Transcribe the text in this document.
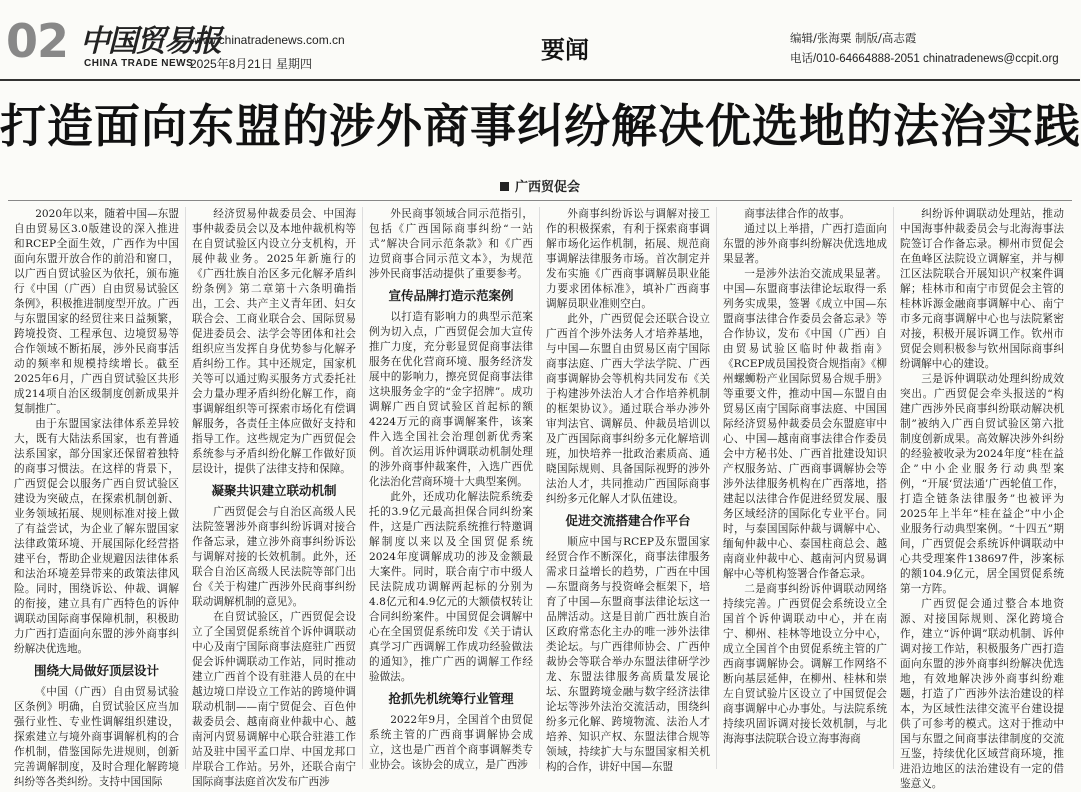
02 中国贸易报
CHINA TRADE NEWS
www.chinatradenews.com.cn
2025年8月21日 星期四	要闻	编辑/张海粟 制版/高志霞
电话/010-64664888-2051 chinatradenews@ccpit.org
打造面向东盟的涉外商事纠纷解决优选地的法治实践
广西贸促会

2020年以来，随着中国—东盟自由贸易区3.0版建设的深入推进和RCEP全面生效，广西作为中国面向东盟开放合作的前沿和窗口，以广西自贸试验区为依托，颁布施行《中国（广西）自由贸易试验区条例》，积极推进制度型开放。广西与东盟国家的经贸往来日益频繁，跨境投资、工程承包、边境贸易等合作领域不断拓展，涉外民商事活动的频率和规模持续增长。截至2025年6月，广西自贸试验区共形成214项自治区级制度创新成果并复制推广。

由于东盟国家法律体系差异较大，既有大陆法系国家，也有普通法系国家，部分国家还保留着独特的商事习惯法。在这样的背景下，广西贸促会以服务广西自贸试验区建设为突破点，在探索机制创新、业务领域拓展、规则标准对接上做了有益尝试，为企业了解东盟国家法律政策环境、开展国际化经营搭建平台，帮助企业规避因法律体系和法治环境差异带来的政策法律风险。同时，围绕诉讼、仲裁、调解的衔接，建立具有广西特色的诉仲调联动国际商事保障机制，积极助力广西打造面向东盟的涉外商事纠纷解决优选地。

围绕大局做好顶层设计

《中国（广西）自由贸易试验区条例》明确，自贸试验区应当加强行业性、专业性调解组织建设，探索建立与境外商事调解机构的合作机制，借鉴国际先进规则，创新完善调解制度，及时合理化解跨境纠纷等各类纠纷。支持中国国际

经济贸易仲裁委员会、中国海事仲裁委员会以及本地仲裁机构等在自贸试验区内设立分支机构，开展仲裁业务。2025年新施行的《广西壮族自治区多元化解矛盾纠纷条例》第二章第十六条明确指出，工会、共产主义青年团、妇女联合会、工商业联合会、国际贸易促进委员会、法学会等团体和社会组织应当发挥自身优势参与化解矛盾纠纷工作。其中还规定，国家机关等可以通过购买服务方式委托社会力量办理矛盾纠纷化解工作，商事调解组织等可探索市场化有偿调解服务，各责任主体应做好支持和指导工作。这些规定为广西贸促会系统参与矛盾纠纷化解工作做好顶层设计，提供了法律支持和保障。

凝聚共识建立联动机制

广西贸促会与自治区高级人民法院签署涉外商事纠纷诉调对接合作备忘录，建立涉外商事纠纷诉讼与调解对接的长效机制。此外，还联合自治区高级人民法院等部门出台《关于构建广西涉外民商事纠纷联动调解机制的意见》。

在自贸试验区，广西贸促会设立了全国贸促系统首个诉仲调联动中心及南宁国际商事法庭驻广西贸促会诉仲调联动工作站，同时推动建立广西首个设有驻港人员的在中越边境口岸设立工作站的跨境仲调联动机制——南宁贸促会、百色仲裁委员会、越南商业仲裁中心、越南河内贸易调解中心联合驻港工作站及驻中国平孟口岸、中国龙邦口岸联合工作站。另外，还联合南宁国际商事法庭首次发布广西涉

外民商事领域合同示范指引，包括《广西国际商事纠纷“一站式”解决合同示范条款》和《广西边贸商事合同示范文本》，为规范涉外民商事活动提供了重要参考。

宣传品牌打造示范案例

以打造有影响力的典型示范案例为切入点，广西贸促会加大宣传推广力度，充分彰显贸促商事法律服务在优化营商环境、服务经济发展中的影响力，擦亮贸促商事法律这块服务金字的“金字招牌”。成功调解广西自贸试验区首起标的额4224万元的商事调解案件，该案件入选全国社会治理创新优秀案例。首次运用诉仲调联动机制处理的涉外商事仲裁案件，入选广西优化法治化营商环境十大典型案例。

此外，还成功化解法院系统委托的3.9亿元最高担保合同纠纷案件，这是广西法院系统推行特邀调解制度以来以及全国贸促系统2024年度调解成功的涉及金额最大案件。同时，联合南宁市中级人民法院成功调解两起标的分别为4.8亿元和4.9亿元的大额债权转让合同纠纷案件。中国贸促会调解中心在全国贸促系统印发《关于请认真学习广西调解工作成功经验做法的通知》，推广广西的调解工作经验做法。

抢抓先机统筹行业管理

2022年9月，全国首个由贸促系统主管的广西商事调解协会成立，这也是广西首个商事调解类专业协会。该协会的成立，是广西涉

外商事纠纷诉讼与调解对接工作的积极探索，有利于探索商事调解市场化运作机制，拓展、规范商事调解法律服务市场。首次制定并发布实施《广西商事调解员职业能力要求团体标准》，填补广西商事调解员职业准则空白。

此外，广西贸促会还联合设立广西首个涉外法务人才培养基地，与中国—东盟自由贸易区南宁国际商事法庭、广西大学法学院、广西商事调解协会等机构共同发布《关于构建涉外法治人才合作培养机制的框架协议》。通过联合举办涉外审判法官、调解员、仲裁员培训以及广西国际商事纠纷多元化解培训班，加快培养一批政治素质高、通晓国际规则、具备国际视野的涉外法治人才，共同推动广西国际商事纠纷多元化解人才队伍建设。

促进交流搭建合作平台

顺应中国与RCEP及东盟国家经贸合作不断深化，商事法律服务需求日益增长的趋势，广西在中国—东盟商务与投资峰会框架下，培育了中国—东盟商事法律论坛这一品牌活动。这是目前广西壮族自治区政府常态化主办的唯一涉外法律类论坛。与广西律师协会、广西仲裁协会等联合举办东盟法律研学沙龙、东盟法律服务高质量发展论坛、东盟跨境金融与数字经济法律论坛等涉外法治交流活动，围绕纠纷多元化解、跨境物流、法治人才培养、知识产权、东盟法律合规等领域，持续扩大与东盟国家相关机构的合作，讲好中国—东盟

商事法律合作的故事。

通过以上举措，广西打造面向东盟的涉外商事纠纷解决优选地成果显著。

一是涉外法治交流成果显著。中国—东盟商事法律论坛取得一系列务实成果，签署《成立中国—东盟商事法律合作委员会备忘录》等合作协议，发布《中国（广西）自由贸易试验区临时仲裁指南》《RCEP成员国投资合规指南》《柳州螺蛳粉产业国际贸易合规手册》等重要文件，推动中国—东盟自由贸易区南宁国际商事法庭、中国国际经济贸易仲裁委员会东盟庭审中心、中国—越南商事法律合作委员会中方秘书处、广西首批建设知识产权服务站、广西商事调解协会等涉外法律服务机构在广西落地，搭建起以法律合作促进经贸发展、服务区域经济的国际化专业平台。同时，与泰国国际仲裁与调解中心、缅甸仲裁中心、泰国柱商总会、越南商业仲裁中心、越南河内贸易调解中心等机构签署合作备忘录。

二是商事纠纷诉仲调联动网络持续完善。广西贸促会系统设立全国首个诉仲调联动中心，并在南宁、柳州、桂林等地设立分中心，成立全国首个由贸促系统主管的广西商事调解协会。调解工作网络不断向基层延伸，在柳州、桂林和崇左自贸试验片区设立了中国贸促会商事调解中心办事处。与法院系统持续巩固诉调对接长效机制，与北海海事法院联合设立海事海商

纠纷诉仲调联动处理站，推动中国海事仲裁委员会与北海海事法院签订合作备忘录。柳州市贸促会在鱼峰区法院设立调解室，并与柳江区法院联合开展知识产权案件调解；桂林市和南宁市贸促会主管的桂林诉源金融商事调解中心、南宁市多元商事调解中心也与法院紧密对接，积极开展诉调工作。钦州市贸促会则积极参与钦州国际商事纠纷调解中心的建设。

三是诉仲调联动处理纠纷成效突出。广西贸促会牵头报送的“构建广西涉外民商事纠纷联动解决机制”被纳入广西自贸试验区第六批制度创新成果。高效解决涉外纠纷的经验被收录为2024年度“桂在益企”中小企业服务行动典型案例，“开展‘贸法通’广西轮值工作，打造全链条法律服务”也被评为2025年上半年“桂在益企”中小企业服务行动典型案例。“十四五”期间，广西贸促会系统诉仲调联动中心共受理案件138697件，涉案标的额104.9亿元，居全国贸促系统第一方阵。

广西贸促会通过整合本地资源、对接国际规则、深化跨境合作，建立“诉仲调”联动机制、诉仲调对接工作站，积极服务广西打造面向东盟的涉外商事纠纷解决优选地，有效地解决涉外商事纠纷难题，打造了广西涉外法治建设的样本，为区域性法律交流平台建设提供了可参考的模式。这对于推动中国与东盟之间商事法律制度的交流互鉴，持续优化区域营商环境，推进沿边地区的法治建设有一定的借鉴意义。
